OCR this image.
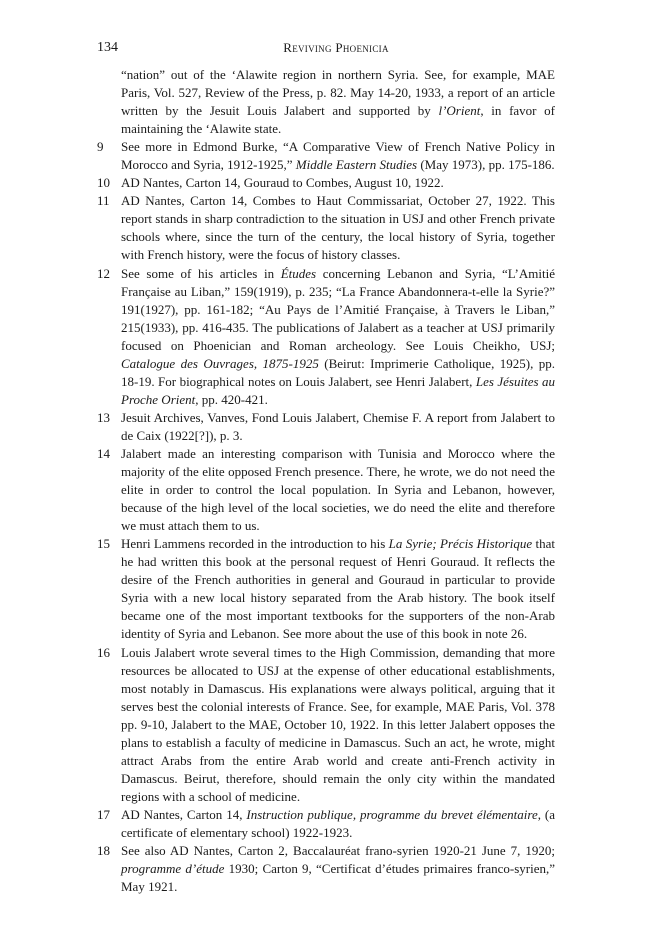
134	Reviving Phoenicia
“nation” out of the ‘Alawite region in northern Syria. See, for example, MAE Paris, Vol. 527, Review of the Press, p. 82. May 14-20, 1933, a report of an article written by the Jesuit Louis Jalabert and supported by l’Orient, in favor of maintaining the ‘Alawite state.
9 See more in Edmond Burke, “A Comparative View of French Native Policy in Morocco and Syria, 1912-1925,” Middle Eastern Studies (May 1973), pp. 175-186.
10 AD Nantes, Carton 14, Gouraud to Combes, August 10, 1922.
11 AD Nantes, Carton 14, Combes to Haut Commissariat, October 27, 1922. This report stands in sharp contradiction to the situation in USJ and other French private schools where, since the turn of the century, the local history of Syria, together with French history, were the focus of history classes.
12 See some of his articles in Études concerning Lebanon and Syria, “L’Amitié Française au Liban,” 159(1919), p. 235; “La France Abandonnera-t-elle la Syrie?” 191(1927), pp. 161-182; “Au Pays de l’Amitié Française, à Travers le Liban,” 215(1933), pp. 416-435. The publications of Jalabert as a teacher at USJ primarily focused on Phoenician and Roman archeology. See Louis Cheikho, USJ; Catalogue des Ouvrages, 1875-1925 (Beirut: Imprimerie Catholique, 1925), pp. 18-19. For biographical notes on Louis Jalabert, see Henri Jalabert, Les Jésuites au Proche Orient, pp. 420-421.
13 Jesuit Archives, Vanves, Fond Louis Jalabert, Chemise F. A report from Jalabert to de Caix (1922[?]), p. 3.
14 Jalabert made an interesting comparison with Tunisia and Morocco where the majority of the elite opposed French presence. There, he wrote, we do not need the elite in order to control the local population. In Syria and Lebanon, however, because of the high level of the local societies, we do need the elite and therefore we must attach them to us.
15 Henri Lammens recorded in the introduction to his La Syrie; Précis Historique that he had written this book at the personal request of Henri Gouraud. It reflects the desire of the French authorities in general and Gouraud in particular to provide Syria with a new local history separated from the Arab history. The book itself became one of the most important textbooks for the supporters of the non-Arab identity of Syria and Lebanon. See more about the use of this book in note 26.
16 Louis Jalabert wrote several times to the High Commission, demanding that more resources be allocated to USJ at the expense of other educational establishments, most notably in Damascus. His explanations were always political, arguing that it serves best the colonial interests of France. See, for example, MAE Paris, Vol. 378 pp. 9-10, Jalabert to the MAE, October 10, 1922. In this letter Jalabert opposes the plans to establish a faculty of medicine in Damascus. Such an act, he wrote, might attract Arabs from the entire Arab world and create anti-French activity in Damascus. Beirut, therefore, should remain the only city within the mandated regions with a school of medicine.
17 AD Nantes, Carton 14, Instruction publique, programme du brevet élémentaire, (a certificate of elementary school) 1922-1923.
18 See also AD Nantes, Carton 2, Baccalauréat frano-syrien 1920-21 June 7, 1920; programme d’étude 1930; Carton 9, “Certificat d’études primaires franco-syrien,” May 1921.
